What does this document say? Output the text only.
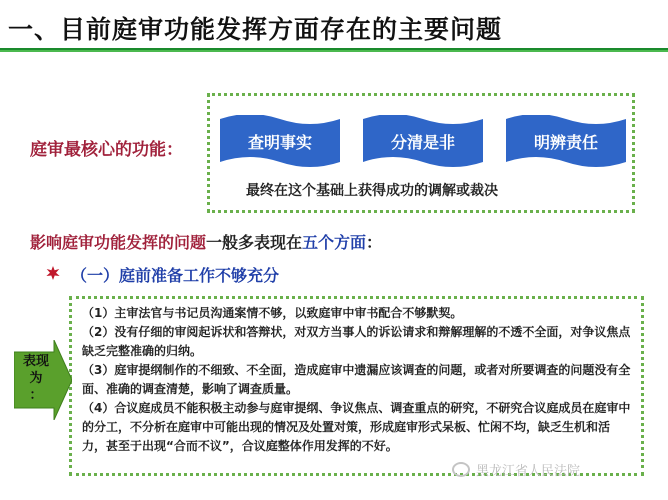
一、目前庭审功能发挥方面存在的主要问题
庭审最核心的功能：	查明事实	分清是非	明辨责任
最终在这个基础上获得成功的调解或裁决
影响庭审功能发挥的问题一般多表现在五个方面：
（一）庭前准备工作不够充分

（1）主审法官与书记员沟通案情不够，以致庭审中审书配合不够默契。

（2）没有仔细的审阅起诉状和答辩状，对双方当事人的诉讼请求和辩解理解的不透不全面，对争议焦点缺乏完整准确的归纳。

（3）庭审提纲制作的不细致、不全面，造成庭审中遗漏应该调查的问题，或者对所要调查的问题没有全面、准确的调查清楚，影响了调查质量。

（4）合议庭成员不能积极主动参与庭审提纲、争议焦点、调查重点的研究，不研究合议庭成员在庭审中的分工，不分析在庭审中可能出现的情况及处置对策，形成庭审形式呆板、忙闲不均，缺乏生机和活力，甚至于出现“合而不议”，合议庭整体作用发挥的不好。

表现
为
：
黑龙江省人民法院
